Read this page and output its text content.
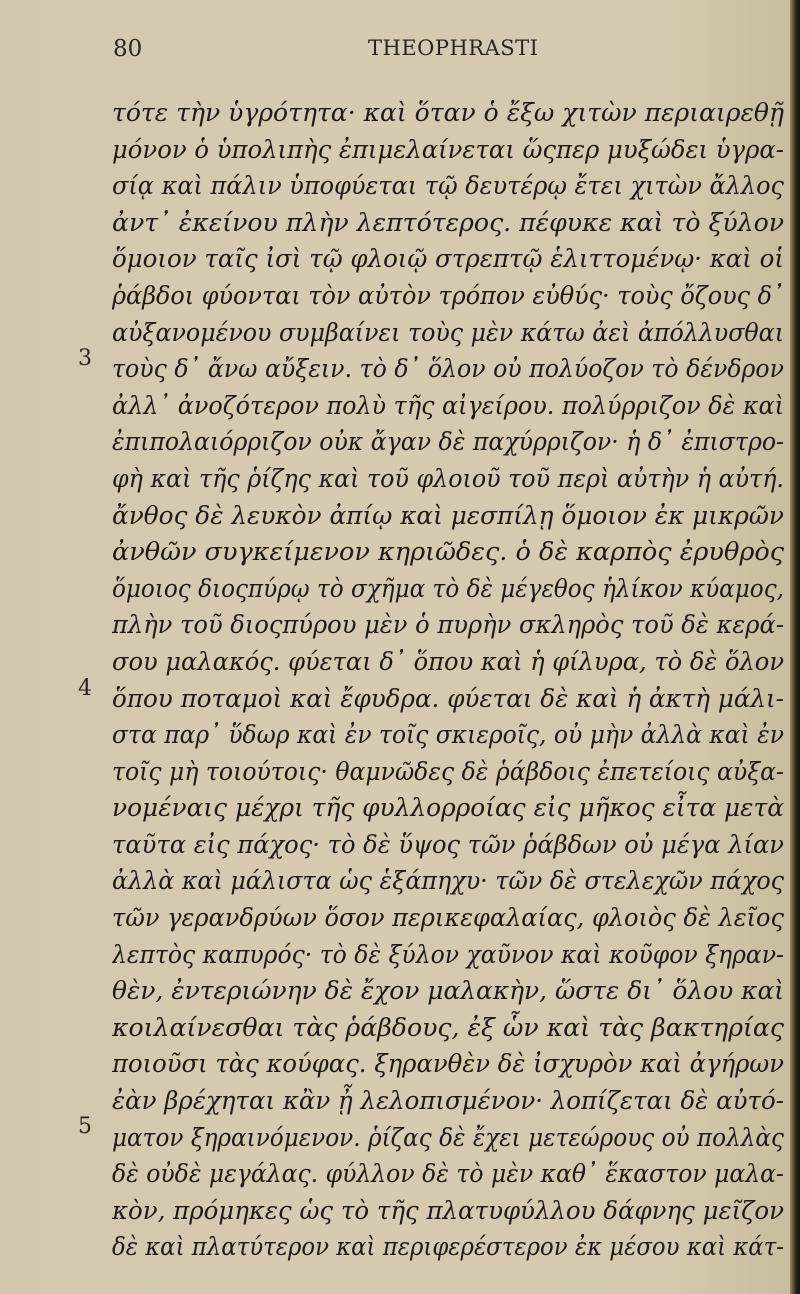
80	THEOPHRASTI
3
4
5
τότε τὴν ὑγρότητα· καὶ ὅταν ὁ ἔξω χιτὼν περιαιρεθῇ
μόνον ὁ ὑπολιπὴς ἐπιμελαίνεται ὥςπερ μυξώδει ὑγρα-
σίᾳ καὶ πάλιν ὑποφύεται τῷ δευτέρῳ ἔτει χιτὼν ἄλλος
ἀντ᾽ ἐκείνου πλὴν λεπτότερος. πέφυκε καὶ τὸ ξύλον
ὅμοιον ταῖς ἰσὶ τῷ φλοιῷ στρεπτῷ ἑλιττομένῳ· καὶ οἱ
ῥάβδοι φύονται τὸν αὐτὸν τρόπον εὐθύς· τοὺς ὄζους δ᾽
αὐξανομένου συμβαίνει τοὺς μὲν κάτω ἀεὶ ἀπόλλυσθαι
τοὺς δ᾽ ἄνω αὔξειν. τὸ δ᾽ ὅλον οὐ πολύοζον τὸ δένδρον
ἀλλ᾽ ἀνοζότερον πολὺ τῆς αἰγείρου. πολύρριζον δὲ καὶ
ἐπιπολαιόρριζον οὐκ ἄγαν δὲ παχύρριζον· ἡ δ᾽ ἐπιστρο-
φὴ καὶ τῆς ῥίζης καὶ τοῦ φλοιοῦ τοῦ περὶ αὐτὴν ἡ αὐτή.
ἄνθος δὲ λευκὸν ἀπίῳ καὶ μεσπίλῃ ὅμοιον ἐκ μικρῶν
ἀνθῶν συγκείμενον κηριῶδες. ὁ δὲ καρπὸς ἐρυθρὸς
ὅμοιος διοςπύρῳ τὸ σχῆμα τὸ δὲ μέγεθος ἡλίκον κύαμος,
πλὴν τοῦ διοςπύρου μὲν ὁ πυρὴν σκληρὸς τοῦ δὲ κερά-
σου μαλακός. φύεται δ᾽ ὅπου καὶ ἡ φίλυρα, τὸ δὲ ὅλον
ὅπου ποταμοὶ καὶ ἔφυδρα. φύεται δὲ καὶ ἡ ἀκτὴ μάλι-
στα παρ᾽ ὕδωρ καὶ ἐν τοῖς σκιεροῖς, οὐ μὴν ἀλλὰ καὶ ἐν
τοῖς μὴ τοιούτοις· θαμνῶδες δὲ ῥάβδοις ἐπετείοις αὐξα-
νομέναις μέχρι τῆς φυλλορροίας εἰς μῆκος εἶτα μετὰ
ταῦτα εἰς πάχος· τὸ δὲ ὕψος τῶν ῥάβδων οὐ μέγα λίαν
ἀλλὰ καὶ μάλιστα ὡς ἑξάπηχυ· τῶν δὲ στελεχῶν πάχος
τῶν γερανδρύων ὅσον περικεφαλαίας, φλοιὸς δὲ λεῖος
λεπτὸς καπυρός· τὸ δὲ ξύλον χαῦνον καὶ κοῦφον ξηραν-
θὲν, ἐντεριώνην δὲ ἔχον μαλακὴν, ὥστε δι᾽ ὅλου καὶ
κοιλαίνεσθαι τὰς ῥάβδους, ἐξ ὧν καὶ τὰς βακτηρίας
ποιοῦσι τὰς κούφας. ξηρανθὲν δὲ ἰσχυρὸν καὶ ἀγήρων
ἐὰν βρέχηται κἂν ᾖ λελοπισμένον· λοπίζεται δὲ αὐτό-
ματον ξηραινόμενον. ῥίζας δὲ ἔχει μετεώρους οὐ πολλὰς
δὲ οὐδὲ μεγάλας. φύλλον δὲ τὸ μὲν καθ᾽ ἕκαστον μαλα-
κὸν, πρόμηκες ὡς τὸ τῆς πλατυφύλλου δάφνης μεῖζον
δὲ καὶ πλατύτερον καὶ περιφερέστερον ἐκ μέσου καὶ κάτ-
